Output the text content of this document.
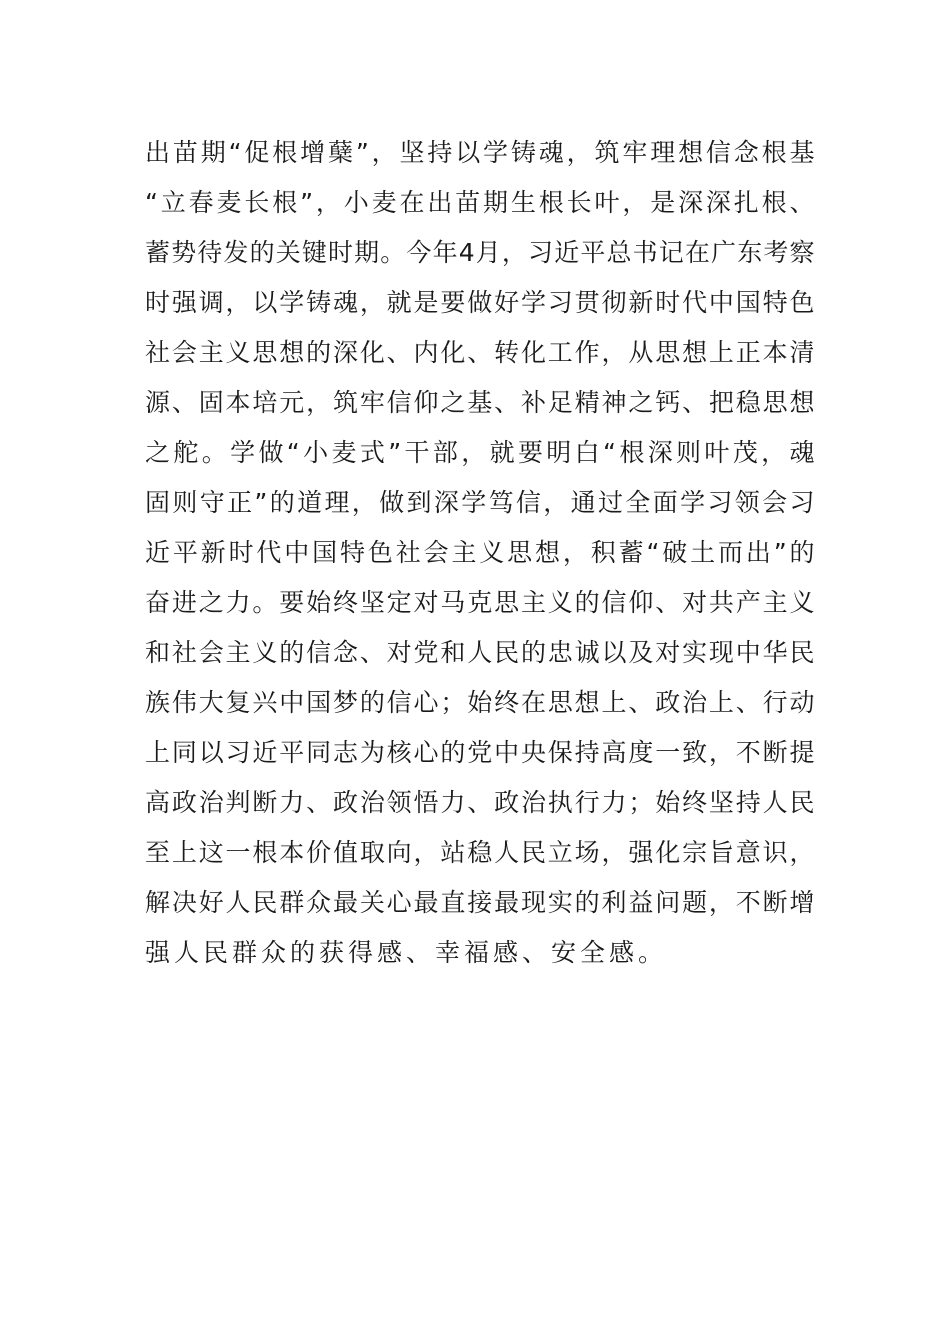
出苗期“促根增蘖”，坚持以学铸魂，筑牢理想信念根基
“立春麦长根”，小麦在出苗期生根长叶，是深深扎根、
蓄势待发的关键时期。今年4月，习近平总书记在广东考察
时强调，以学铸魂，就是要做好学习贯彻新时代中国特色
社会主义思想的深化、内化、转化工作，从思想上正本清
源、固本培元，筑牢信仰之基、补足精神之钙、把稳思想
之舵。学做“小麦式”干部，就要明白“根深则叶茂，魂
固则守正”的道理，做到深学笃信，通过全面学习领会习
近平新时代中国特色社会主义思想，积蓄“破土而出”的
奋进之力。要始终坚定对马克思主义的信仰、对共产主义
和社会主义的信念、对党和人民的忠诚以及对实现中华民
族伟大复兴中国梦的信心；始终在思想上、政治上、行动
上同以习近平同志为核心的党中央保持高度一致，不断提
高政治判断力、政治领悟力、政治执行力；始终坚持人民
至上这一根本价值取向，站稳人民立场，强化宗旨意识，
解决好人民群众最关心最直接最现实的利益问题，不断增
强人民群众的获得感、幸福感、安全感。
